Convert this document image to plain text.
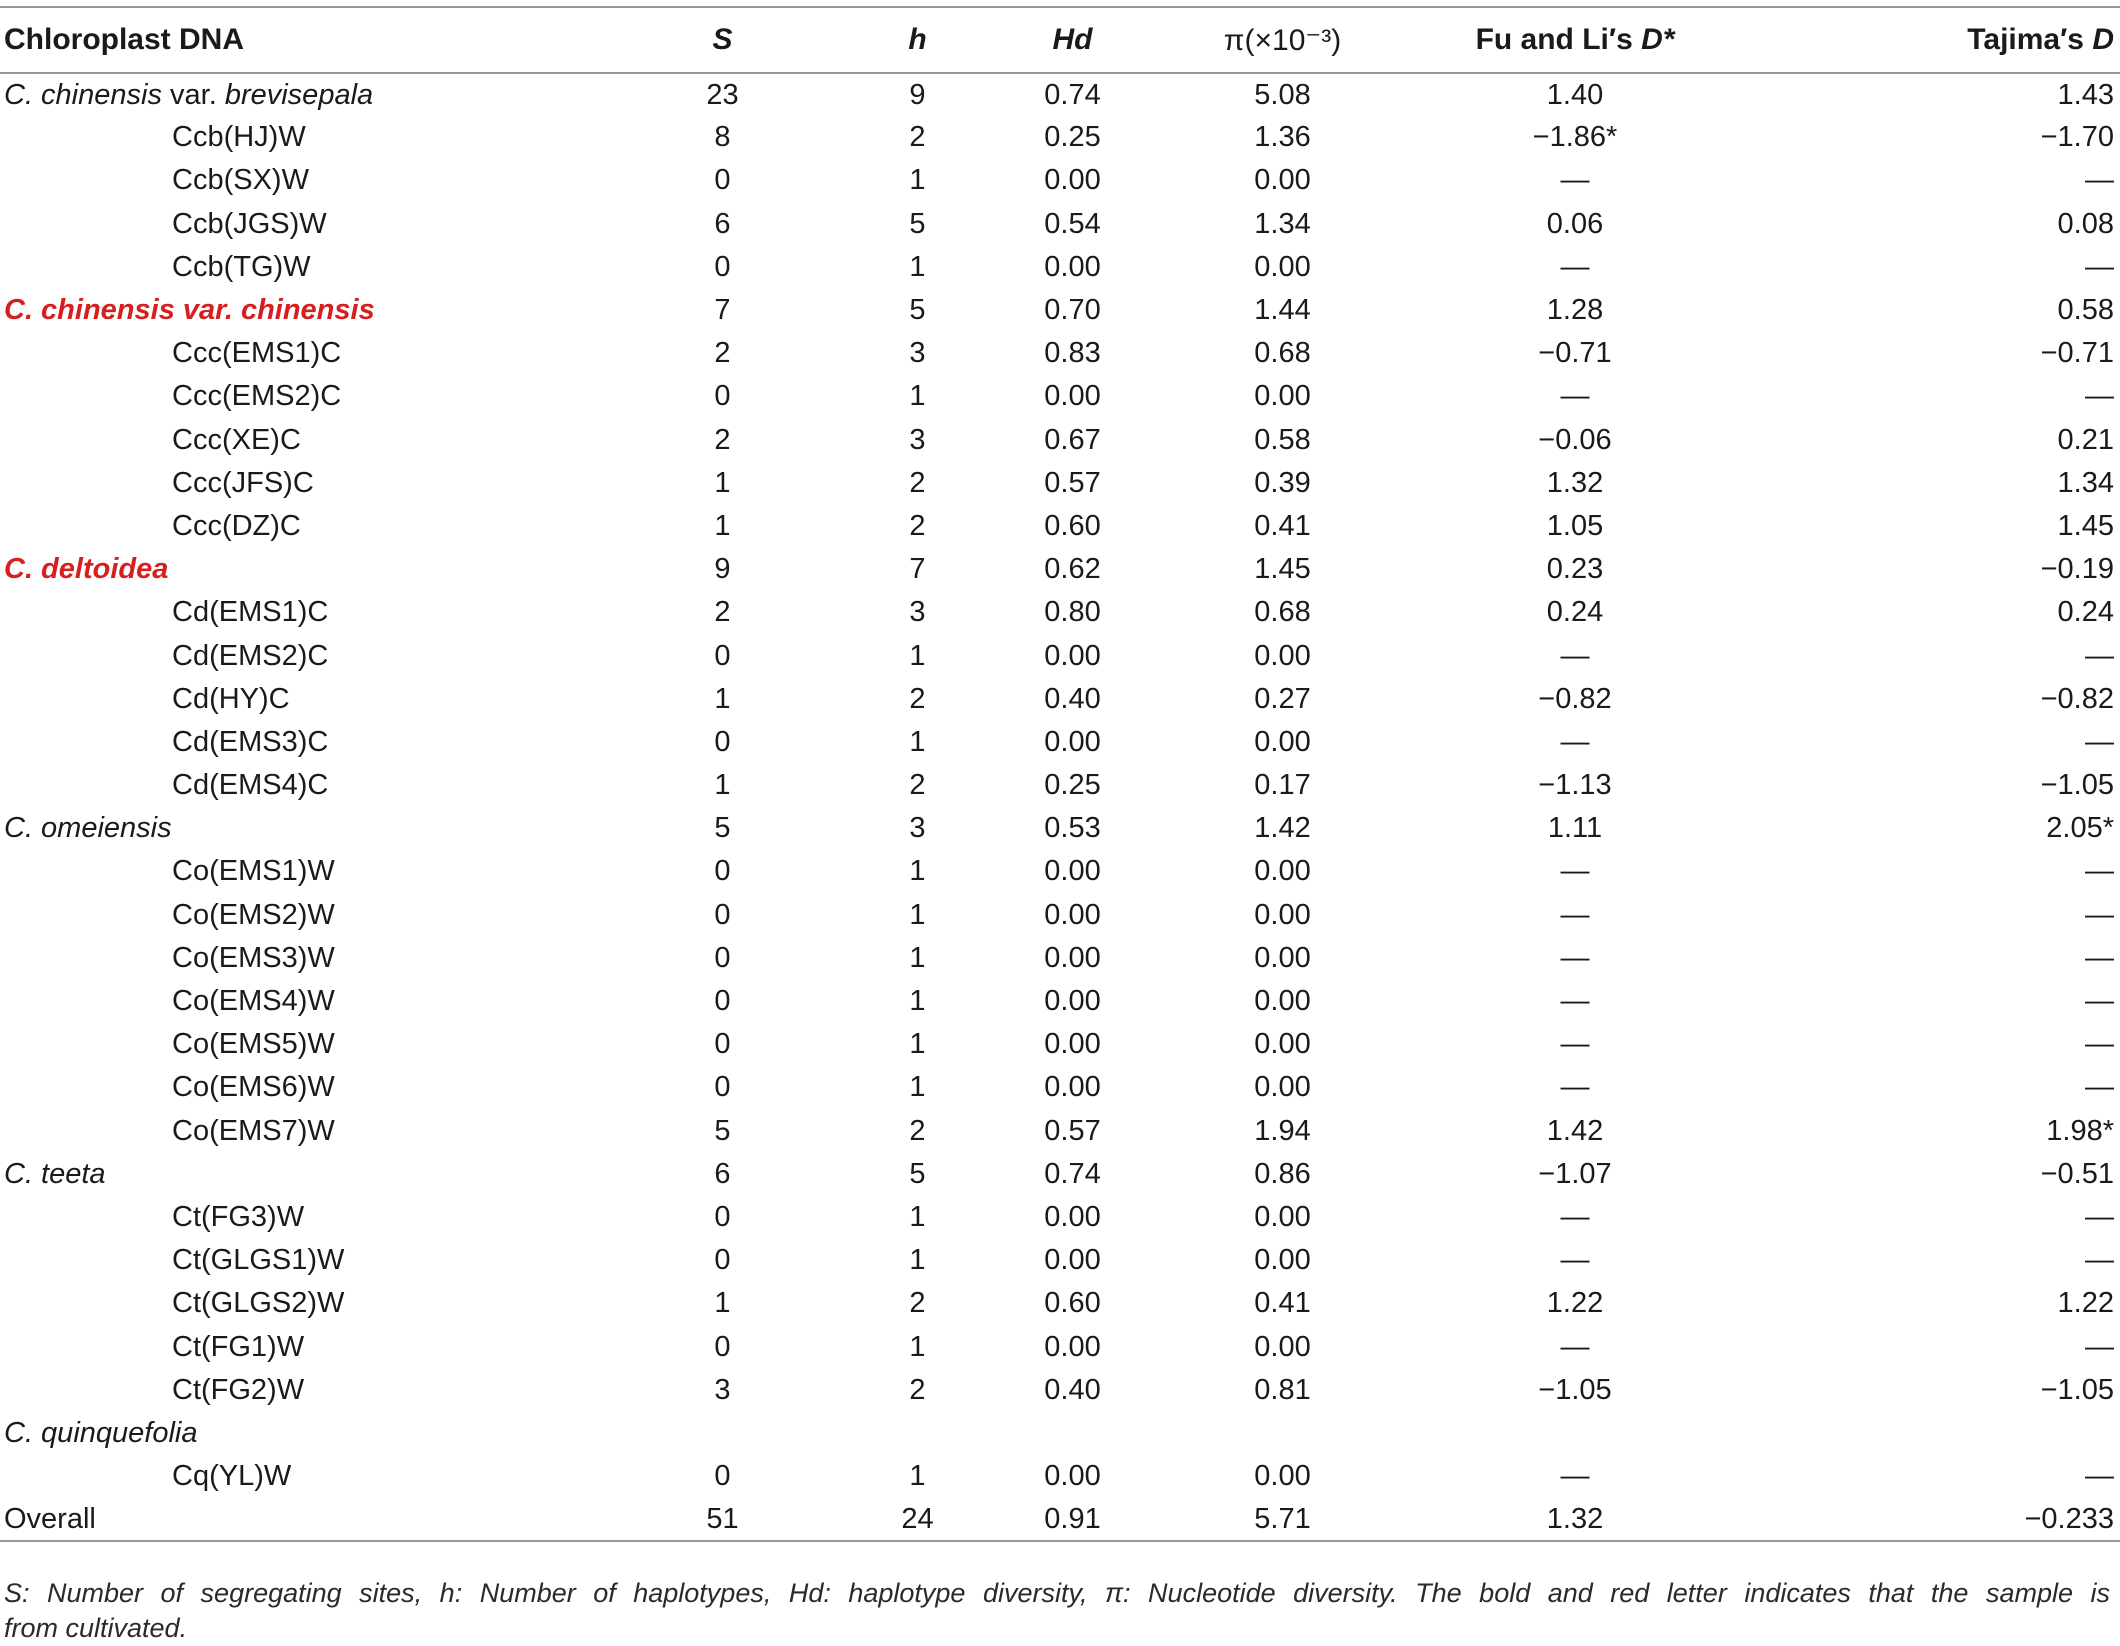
Chloroplast DNA	S	h	Hd	π(×10⁻³)	Fu and Li′s D*	Tajima′s D
C. chinensis var. brevisepala	23	9	0.74	5.08	1.40	1.43
Ccb(HJ)W	8	2	0.25	1.36	−1.86*	−1.70
Ccb(SX)W	0	1	0.00	0.00	—	—
Ccb(JGS)W	6	5	0.54	1.34	0.06	0.08
Ccb(TG)W	0	1	0.00	0.00	—	—
C. chinensis var. chinensis	7	5	0.70	1.44	1.28	0.58
Ccc(EMS1)C	2	3	0.83	0.68	−0.71	−0.71
Ccc(EMS2)C	0	1	0.00	0.00	—	—
Ccc(XE)C	2	3	0.67	0.58	−0.06	0.21
Ccc(JFS)C	1	2	0.57	0.39	1.32	1.34
Ccc(DZ)C	1	2	0.60	0.41	1.05	1.45
C. deltoidea	9	7	0.62	1.45	0.23	−0.19
Cd(EMS1)C	2	3	0.80	0.68	0.24	0.24
Cd(EMS2)C	0	1	0.00	0.00	—	—
Cd(HY)C	1	2	0.40	0.27	−0.82	−0.82
Cd(EMS3)C	0	1	0.00	0.00	—	—
Cd(EMS4)C	1	2	0.25	0.17	−1.13	−1.05
C. omeiensis	5	3	0.53	1.42	1.11	2.05*
Co(EMS1)W	0	1	0.00	0.00	—	—
Co(EMS2)W	0	1	0.00	0.00	—	—
Co(EMS3)W	0	1	0.00	0.00	—	—
Co(EMS4)W	0	1	0.00	0.00	—	—
Co(EMS5)W	0	1	0.00	0.00	—	—
Co(EMS6)W	0	1	0.00	0.00	—	—
Co(EMS7)W	5	2	0.57	1.94	1.42	1.98*
C. teeta	6	5	0.74	0.86	−1.07	−0.51
Ct(FG3)W	0	1	0.00	0.00	—	—
Ct(GLGS1)W	0	1	0.00	0.00	—	—
Ct(GLGS2)W	1	2	0.60	0.41	1.22	1.22
Ct(FG1)W	0	1	0.00	0.00	—	—
Ct(FG2)W	3	2	0.40	0.81	−1.05	−1.05
C. quinquefolia						
Cq(YL)W	0	1	0.00	0.00	—	—
Overall	51	24	0.91	5.71	1.32	−0.233
S: Number of segregating sites, h: Number of haplotypes, Hd: haplotype diversity, π: Nucleotide diversity. The bold and red letter indicates that the sample is
from cultivated.
